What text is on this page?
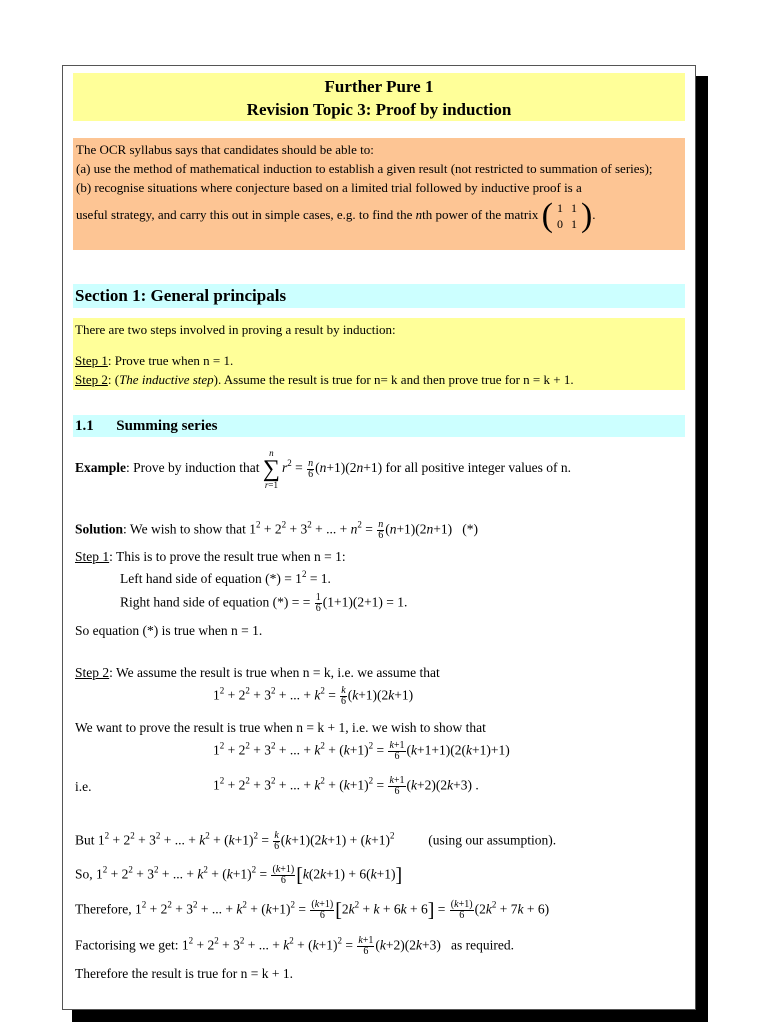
Further Pure 1
Revision Topic 3: Proof by induction
The OCR syllabus says that candidates should be able to:
(a) use the method of mathematical induction to establish a given result (not restricted to summation of series);
(b) recognise situations where conjecture based on a limited trial followed by inductive proof is a
useful strategy, and carry this out in simple cases, e.g. to find the nth power of the matrix ( 1 1
0 1 ) .
Section 1: General principals
There are two steps involved in proving a result by induction:
Step 1: Prove true when n = 1.
Step 2: (The inductive step). Assume the result is true for n= k and then prove true for n = k + 1.
1.1 Summing series
Example: Prove by induction that
n
∑
r=1
$r^2 = \frac{n}{6} (n+1)(2n+1)$ for all positive integer values of n.
Solution: We wish to show that $1^2 + 2^2 + 3^2$ + ... + $n^2 = \frac{n}{6} (n+1)(2n+1)$   (*)
Step 1: This is to prove the result true when n = 1:
Left hand side of equation (*) = $1^2 = 1$.
Right hand side of equation (*) = = $\frac{1}{6} (1+1)(2+1) = 1$.
So equation (*) is true when n = 1.
Step 2: We assume the result is true when n = k, i.e. we assume that
$1^2 + 2^2 + 3^2$ + ... + $k^2 = \frac{k}{6} (k+1)(2k+1)$
We want to prove the result is true when n = k + 1, i.e. we wish to show that
$1^2 + 2^2 + 3^2$ + ... + $k^2 + (k+1)^2 = \frac{k+1}{6} (k+1+1)(2(k+1)+1)$
i.e.	$1^2 + 2^2 + 3^2$ + ... + $k^2 + (k+1)^2 = \frac{k+1}{6} (k+2)(2k+3)$ .
But $1^2 + 2^2 + 3^2$ + ... + $k^2 + (k+1)^2 = \frac{k}{6} (k+1)(2k+1) + (k+1)^2$	(using our assumption).
So, $1^2 + 2^2 + 3^2$ + ... + $k^2 + (k+1)^2 = \frac{(k+1)}{6} [k(2k+1) + 6(k+1)]$
Therefore, $1^2 + 2^2 + 3^2$ + ... + $k^2 + (k+1)^2 = \frac{(k+1)}{6} [2k^2 + k + 6k + 6] = \frac{(k+1)}{6} (2k^2 + 7k + 6)$
Factorising we get: $1^2 + 2^2 + 3^2$ + ... + $k^2 + (k+1)^2 = \frac{k+1}{6} (k+2)(2k+3)$   as required.
Therefore the result is true for n = k + 1.
